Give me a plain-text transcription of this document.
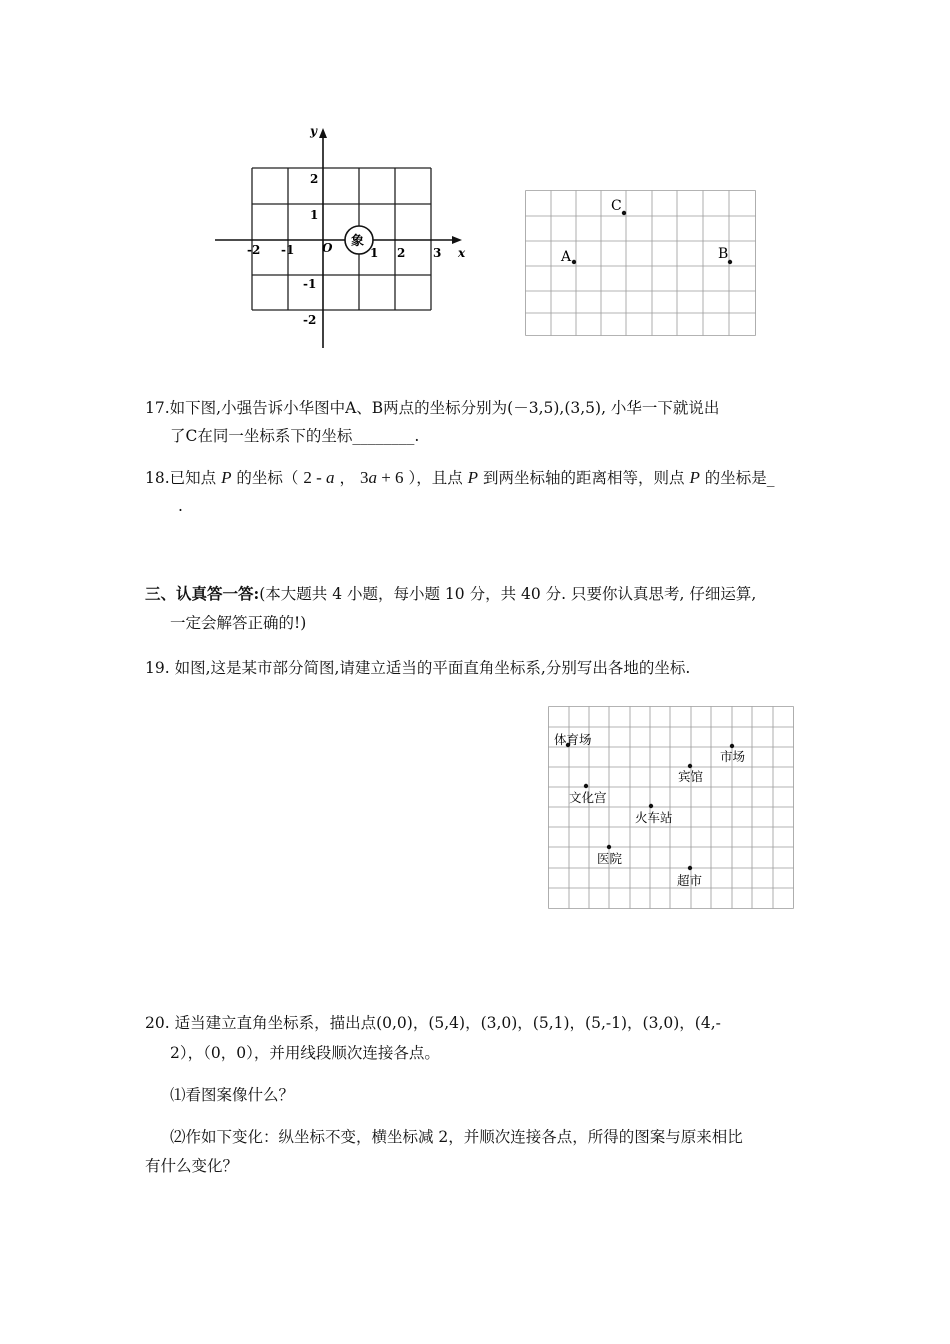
x
y
O
-2 -1	1 2 3
2
1
-1
-2
象
C
A	B
17.如下图,小强告诉小华图中A、B两点的坐标分别为(－3,5),(3,5), 小华一下就说出
了C在同一坐标系下的坐标________.
18.已知点 P 的坐标（ 2 - a ， 3a + 6 ），且点 P 到两坐标轴的距离相等，则点 P 的坐标是_
.
三、认真答一答:(本大题共 4 小题，每小题 10 分，共 40 分. 只要你认真思考, 仔细运算,
一定会解答正确的!)
19. 如图,这是某市部分简图,请建立适当的平面直角坐标系,分别写出各地的坐标.
体育场
市场
宾馆
文化宫
火车站
医院
超市
20. 适当建立直角坐标系，描出点(0,0)，(5,4)，(3,0)，(5,1)，(5,-1)，(3,0)，(4,-
2），（0，0），并用线段顺次连接各点。
⑴看图案像什么？
⑵作如下变化：纵坐标不变，横坐标减 2，并顺次连接各点，所得的图案与原来相比
有什么变化？
